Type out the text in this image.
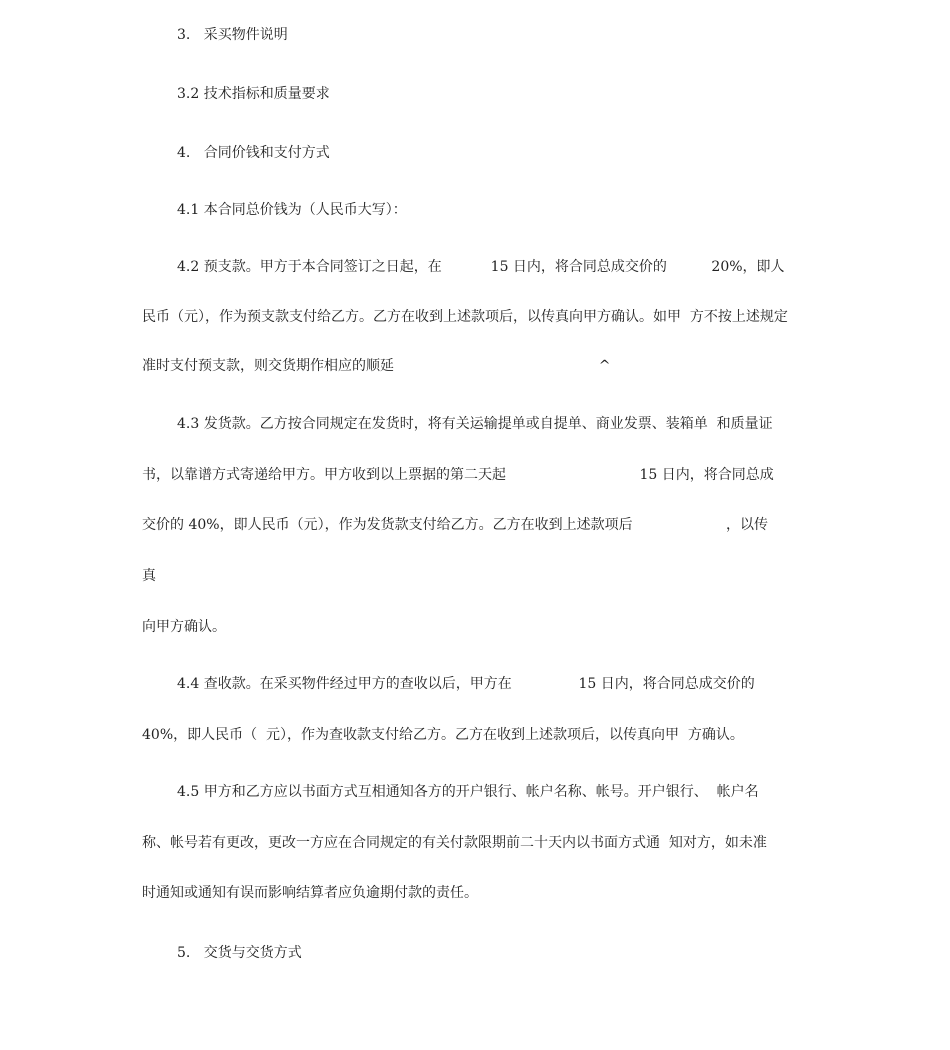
3.   采买物件说明
3.2 技术指标和质量要求
4.   合同价钱和支付方式
4.1 本合同总价钱为（人民币大写）：
4.2 预支款。甲方于本合同签订之日起，在           15 日内，将合同总成交价的          20%，即人
民币（元），作为预支款支付给乙方。乙方在收到上述款项后，以传真向甲方确认。如甲  方不按上述规定
准时支付预支款，则交货期作相应的顺延                                              ^
4.3 发货款。乙方按合同规定在发货时，将有关运输提单或自提单、商业发票、装箱单  和质量证
书，以靠谱方式寄递给甲方。甲方收到以上票据的第二天起                              15 日内，将合同总成
交价的 40%，即人民币（元），作为发货款支付给乙方。乙方在收到上述款项后                     ，以传
真
向甲方确认。
4.4 查收款。在采买物件经过甲方的查收以后，甲方在               15 日内，将合同总成交价的
40%，即人民币（  元），作为查收款支付给乙方。乙方在收到上述款项后，以传真向甲  方确认。
4.5 甲方和乙方应以书面方式互相通知各方的开户银行、帐户名称、帐号。开户银行、  帐户名
称、帐号若有更改，更改一方应在合同规定的有关付款限期前二十天内以书面方式通  知对方，如未准
时通知或通知有误而影响结算者应负逾期付款的责任。
5.   交货与交货方式
